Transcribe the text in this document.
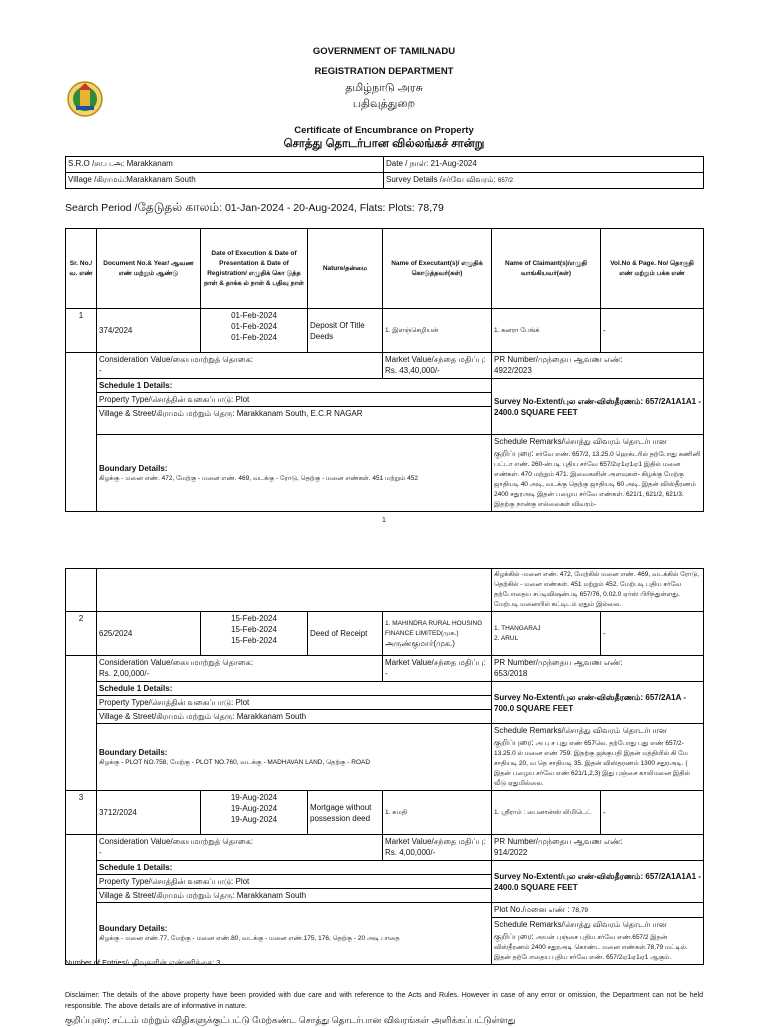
GOVERNMENT OF TAMILNADU
REGISTRATION DEPARTMENT
தமிழ்நாடு அரசு
பதிவுத்துறை
Certificate of Encumbrance on Property
சொத்து தொடர்பான வில்லங்கச் சான்று
S.R.O /சா.ப.அ: Marakkanam	Date / நாள்: 21-Aug-2024
Village /கிராமம்:Marakkanam South	Survey Details /சர்வே விவரம்: 657/2
Search Period /தேடுதல் காலம்: 01-Jan-2024 - 20-Aug-2024, Flats: Plots: 78,79
Sr. No./ வ. எண்	Document No.& Year/ ஆவண எண் மற்றும் ஆண்டு	Date of Execution & Date of Presentation & Date of Registration/ எழுதிக் கொ டுத்த நாள் & தாக்க ல் நாள் & பதிவு நாள்	Nature/தன்மை	Name of Executant(s)/ எழுதிக் கொடுத்தவர்(கள்)	Name of Claimant(s)/எழுதி வாங்கியவர்(கள்)	Vol.No & Page. No/ தொகுதி எண் மற்றும் பக்க எண்
1	374/2024	01-Feb-2024
01-Feb-2024
01-Feb-2024	Deposit Of Title Deeds	1. இளஞ்செழியன்	1. கனரா பேங்க்	-

	Consideration Value/கையமாற்றுத் தொகை:
-			Market Value/சந்தை மதிப்பு:
Rs. 43,40,000/-	PR Number/முந்தைய ஆவண எண்:
4922/2023	

	Schedule 1 Details:				Survey No-Extent/புல எண்-விஸ்தீரணம்: 657/2A1A1A1 - 2400.0 SQUARE FEET	
	Property Type/சொத்தின் வகைப்பாடு: Plot					
	Village & Street/கிராமம் மற்றும் தெரு: Marakkanam South, E.C.R NAGAR					

	Boundary Details:
கிழக்கு - மனை எண். 472, மேற்கு - மனை எண். 469, வடக்கு - ரோடு, தெற்கு - மனை எண்கள். 451 மற்றும் 452				Schedule Remarks/சொத்து விவரம் தொடர்பான குறிப்புரை: சர்வே எண். 657/2, 13.25.0 ஹெக்டரில் தற்போது கணினி பட்டா எண். 260-ன்படி புதிய சர்வே 657/2ஏ1ஏ1ஏ1 இதில் மனை எண்கள். 470 மற்றும் 471. இவைகளின் அளவுகள்- கிழக்கு மேற்கு ஜாதியடி 40 அடி, வடக்கு தெற்கு ஜாதியடி 60 அடி. இதன் விஸ்தீரணம் 2400 சதுரஅடி இதன் பழைய சர்வே எண்கள். 621/1, 621/2, 621/3. இதற்கு நான்கு எல்லைகள் விவரம்-	
1
					கிழக்கில் -மனை எண். 472, மேற்கில் மனை எண். 469, வடக்கில் ரோடு, தெற்கில் - மனை எண்கள். 451 மற்றும் 452. மேற்படி புதிய சர்வே தற்போதைய சப்டிவிஷன்படி 657/76, 0.02.0 ஏர்ஸ் பிரிந்துள்ளது. மேற்படி மனையில் கட்டிடம் ஏதும் இல்லை.	
2	625/2024	15-Feb-2024
15-Feb-2024
15-Feb-2024	Deed of Receipt	1. MAHINDRA RURAL HOUSING FINANCE LIMITED(முக.)
அருண்குமார்(முக.)	1. THANGARAJ
2. ARUL	-

	Consideration Value/கையமாற்றுத் தொகை:
Rs. 2,00,000/-			Market Value/சந்தை மதிப்பு:
-	PR Number/முந்தைய ஆவண எண்:
653/2018	

	Schedule 1 Details:				Survey No-Extent/புல எண்-விஸ்தீரணம்: 657/2A1A - 700.0 SQUARE FEET	
	Property Type/சொத்தின் வகைப்பாடு: Plot					
	Village & Street/கிராமம் மற்றும் தெரு: Marakkanam South					

	Boundary Details:
கிழக்கு - PLOT NO.758, மேற்கு - PLOT NO.760, வடக்கு - MADHAVAN LAND, தெற்கு - ROAD				Schedule Remarks/சொத்து விவரம் தொடர்பான குறிப்புரை: அ பு ச புது எண் 657லெ. தற்போது புது எண் 657/2-13.25.0 ல் மனை எண் 759. இதற்கு ஜக்குபதி இதன் மத்தியில் கி மே சாதியடி 20, வ தெ சாதியடி 35. இதன் விஸ்தரணம் 1300 சதுரஅடி. ( இதன் பழைய சர்வே எண் 621/1,2,3) இது புஞ்சை காலிமனை இதில் வீடு ஏதுமில்லை.	
3	3712/2024	19-Aug-2024
19-Aug-2024
19-Aug-2024	Mortgage without possession deed	1. சுமதி	1. ஸ்ரீராம் : பைனான்ஸ் லிமிடெட்	-

	Consideration Value/கையமாற்றுத் தொகை:
-			Market Value/சந்தை மதிப்பு:
Rs. 4,00,000/-	PR Number/முந்தைய ஆவண எண்:
914/2022	

	Schedule 1 Details:				Survey No-Extent/புல எண்-விஸ்தீரணம்: 657/2A1A1A1 - 2400.0 SQUARE FEET	
	Property Type/சொத்தின் வகைப்பாடு: Plot					
	Village & Street/கிராமம் மற்றும் தெரு: Marakkanam South					

	Boundary Details:
கிழக்கு - மனை எண்.77, மேற்கு - மனை எண்.80, வடக்கு - மனை எண்.175, 176, தெற்கு - 20 அடி பாதை				Plot No./மனை எண் : 78,79	
					Schedule Remarks/சொத்து விவரம் தொடர்பான குறிப்புரை: அயன் புஞ்சை புதிய சர்வே எண்.657/2 இதன் விஸ்தீரணம் 2400 சதுரஅடி கொண்ட மனை எண்கள்.78,79 மட்டில். இதன் தற்போதைய புதிய சர்வே எண். 657/2ஏ1ஏ1ஏ1 ஆகும்.	
Number of Entries/பதிவுகளின் எண்ணிக்கை: 3
Disclaimer: The details of the above property have been provided with due care and with reference to the Acts and Rules. However in case of any error or omission, the Department can not be held responsible. The above details are of informative in nature.
குறிப்புரை: சட்டம் மற்றும் விதிகளுக்குட்பட்டு மேற்கண்ட சொத்து தொடர்பான விவரங்கள் அளிக்கப்பட்டுள்ளது
